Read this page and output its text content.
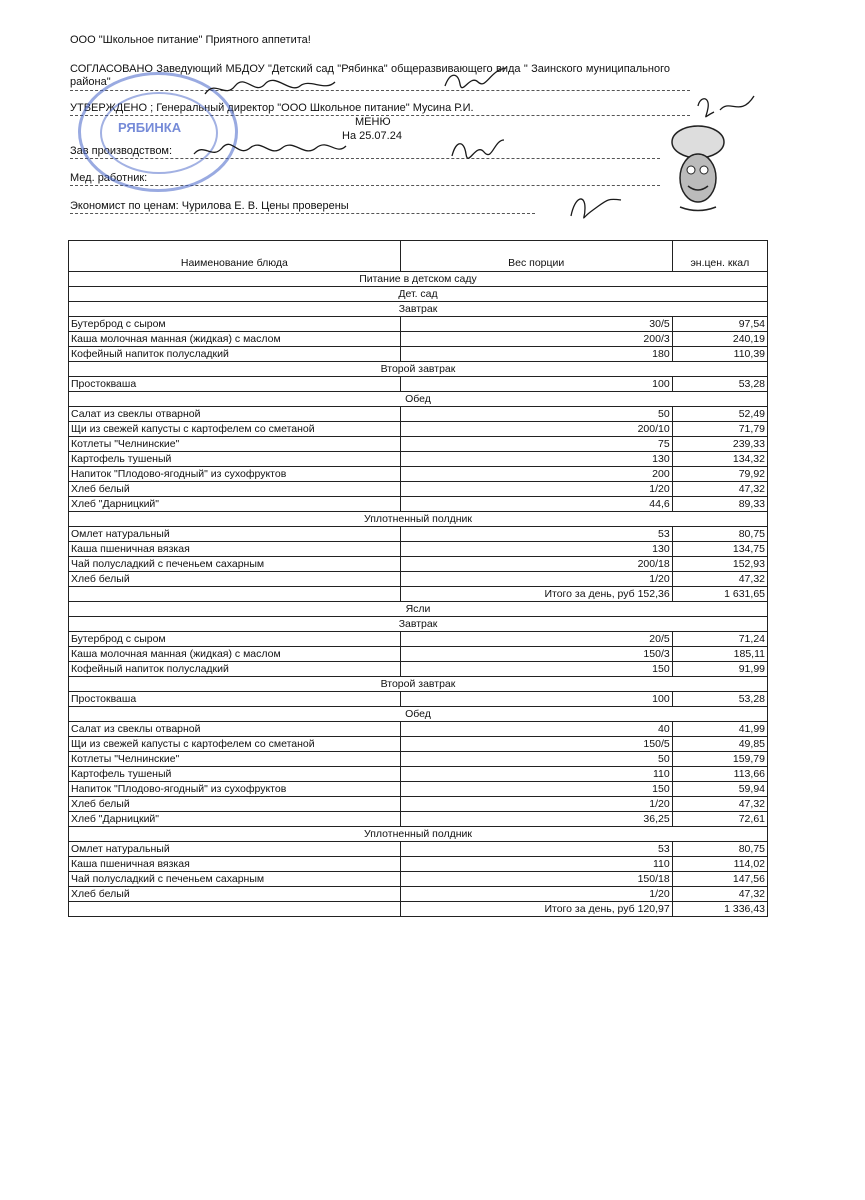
ООО "Школьное питание" Приятного аппетита!
СОГЛАСОВАНО Заведующий МБДОУ "Детский сад "Рябинка" общеразвивающего вида " Заинского муниципального района"
УТВЕРЖДЕНО ; Генеральный директор "ООО Школьное питание" Мусина Р.И.
МЕНЮ
На 25.07.24
Зав производством:
Мед. работник:
Экономист по ценам: Чурилова Е. В. Цены проверены
РЯБИНКА
Наименование блюда	Вес порции	эн.цен. ккал
Питание в детском саду		
Дет. сад		
Завтрак		
Бутерброд с сыром	30/5	97,54
Каша молочная манная (жидкая) с маслом	200/3	240,19
Кофейный напиток полусладкий	180	110,39
Второй завтрак		
Простокваша	100	53,28
Обед		
Салат из свеклы отварной	50	52,49
Щи из свежей капусты с картофелем со сметаной	200/10	71,79
Котлеты "Челнинские"	75	239,33
Картофель тушеный	130	134,32
Напиток "Плодово-ягодный" из сухофруктов	200	79,92
Хлеб белый	1/20	47,32
Хлеб "Дарницкий"	44,6	89,33
Уплотненный полдник		
Омлет натуральный	53	80,75
Каша пшеничная вязкая	130	134,75
Чай полусладкий с печеньем сахарным	200/18	152,93
Хлеб белый	1/20	47,32
	Итого за день, руб 152,36	1 631,65
Ясли		
Завтрак		
Бутерброд с сыром	20/5	71,24
Каша молочная манная (жидкая) с маслом	150/3	185,11
Кофейный напиток полусладкий	150	91,99
Второй завтрак		
Простокваша	100	53,28
Обед		
Салат из свеклы отварной	40	41,99
Щи из свежей капусты с картофелем со сметаной	150/5	49,85
Котлеты "Челнинские"	50	159,79
Картофель тушеный	110	113,66
Напиток "Плодово-ягодный" из сухофруктов	150	59,94
Хлеб белый	1/20	47,32
Хлеб "Дарницкий"	36,25	72,61
Уплотненный полдник		
Омлет натуральный	53	80,75
Каша пшеничная вязкая	110	114,02
Чай полусладкий с печеньем сахарным	150/18	147,56
Хлеб белый	1/20	47,32
	Итого за день, руб 120,97	1 336,43
